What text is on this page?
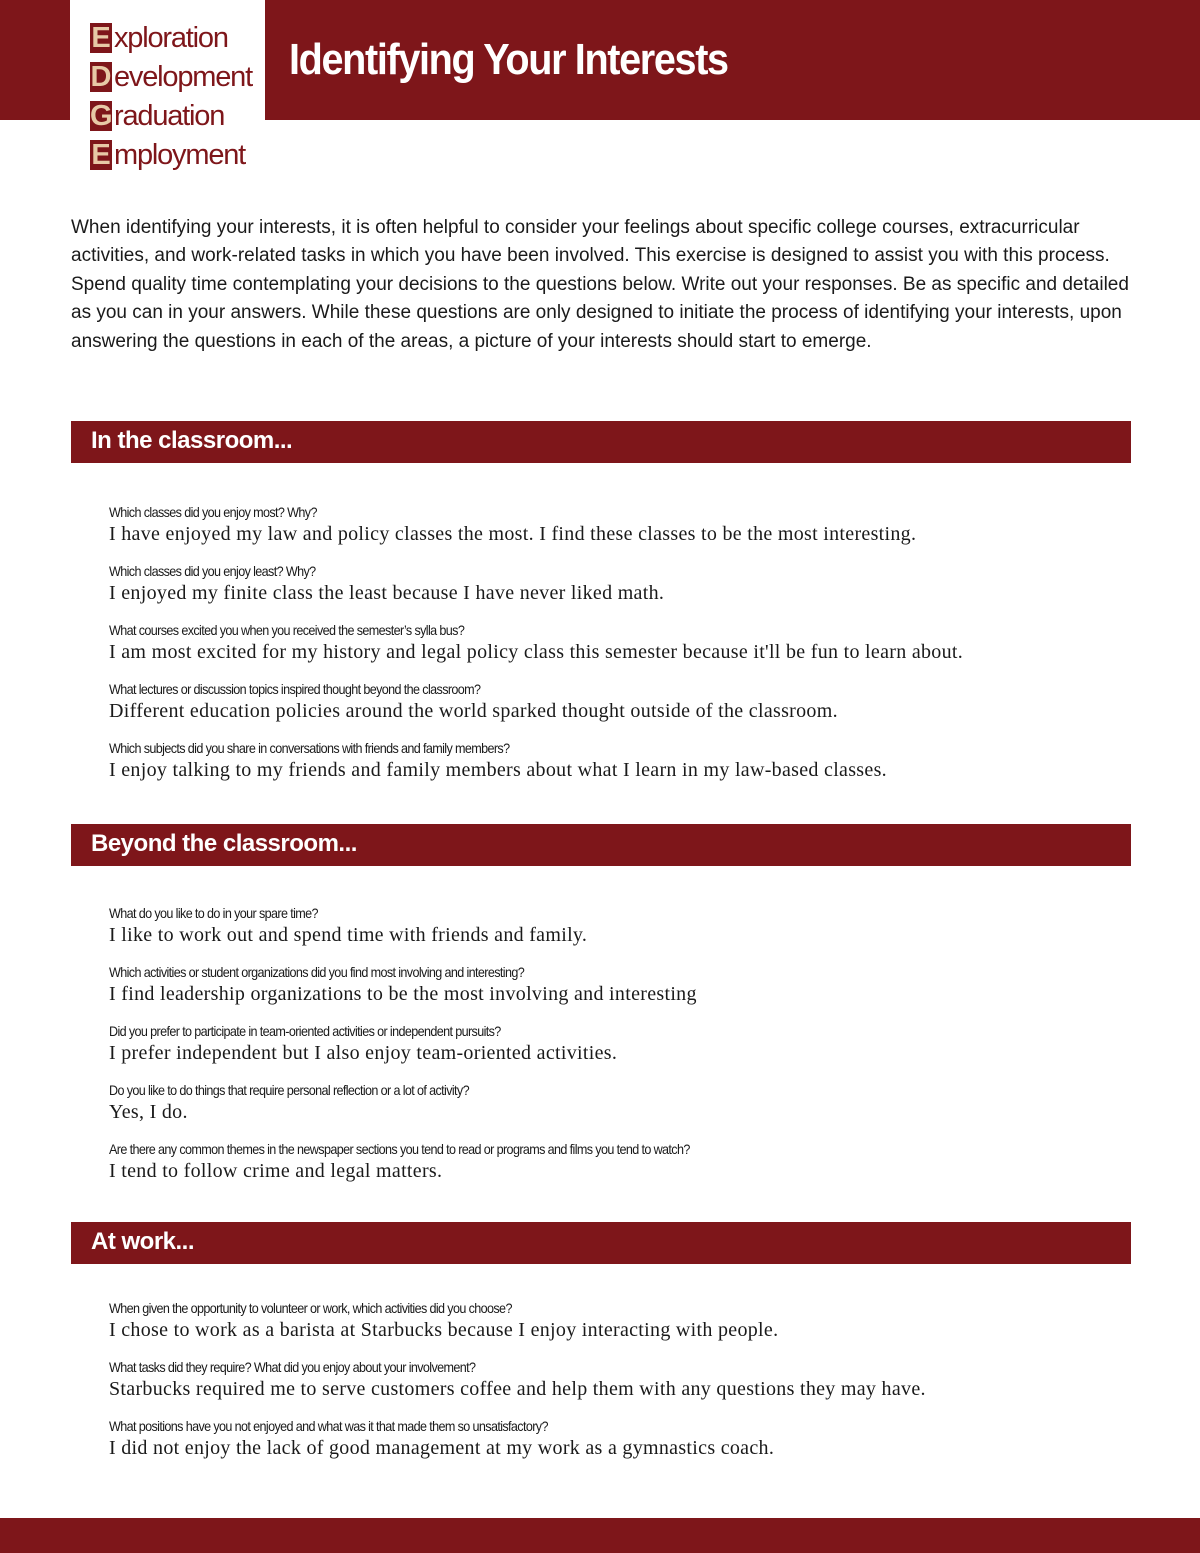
E xploration
D evelopment
G raduation
E mployment
Identifying Your Interests

When identifying your interests, it is often helpful to consider your feelings about specific college courses, extracurricular activities, and work-related tasks in which you have been involved. This exercise is designed to assist you with this process. Spend quality time contemplating your decisions to the questions below. Write out your responses. Be as specific and detailed as you can in your answers. While these questions are only designed to initiate the process of identifying your interests, upon answering the questions in each of the areas, a picture of your interests should start to emerge.

In the classroom...
Which classes did you enjoy most? Why?
I have enjoyed my law and policy classes the most. I find these classes to be the most interesting.
Which classes did you enjoy least? Why?
I enjoyed my finite class the least because I have never liked math.
What courses excited you when you received the semester’s sylla bus?
I am most excited for my history and legal policy class this semester because it'll be fun to learn about.
What lectures or discussion topics inspired thought beyond the classroom?
Different education policies around the world sparked thought outside of the classroom.
Which subjects did you share in conversations with friends and family members?
I enjoy talking to my friends and family members about what I learn in my law-based classes.
Beyond the classroom...
What do you like to do in your spare time?
I like to work out and spend time with friends and family.
Which activities or student organizations did you find most involving and interesting?
I find leadership organizations to be the most involving and interesting
Did you prefer to participate in team-oriented activities or independent pursuits?
I prefer independent but I also enjoy team-oriented activities.
Do you like to do things that require personal reflection or a lot of activity?
Yes, I do.
Are there any common themes in the newspaper sections you tend to read or programs and films you tend to watch?
I tend to follow crime and legal matters.
At work...
When given the opportunity to volunteer or work, which activities did you choose?
I chose to work as a barista at Starbucks because I enjoy interacting with people.
What tasks did they require? What did you enjoy about your involvement?
Starbucks required me to serve customers coffee and help them with any questions they may have.
What positions have you not enjoyed and what was it that made them so unsatisfactory?
I did not enjoy the lack of good management at my work as a gymnastics coach.
